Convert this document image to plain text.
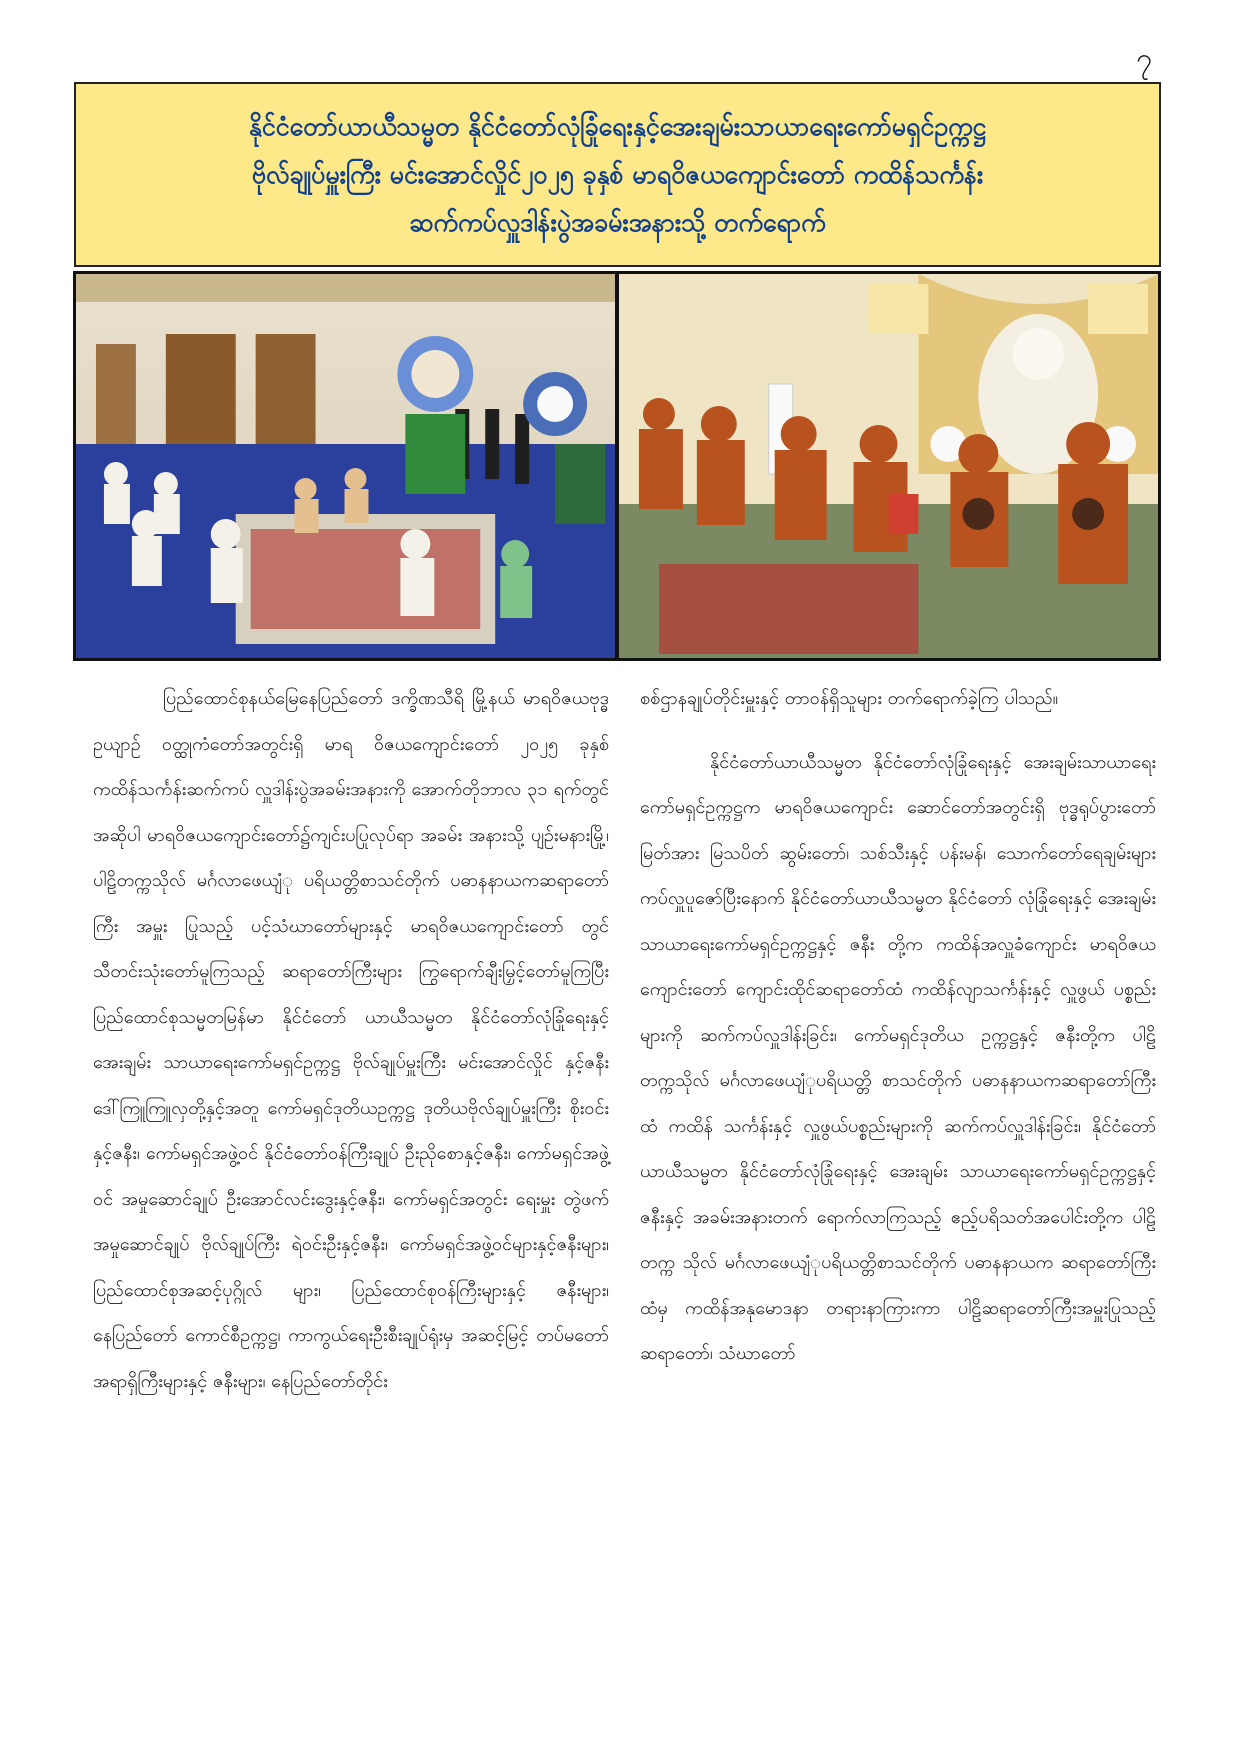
၇
နိုင်ငံတော်ယာယီသမ္မတ နိုင်ငံတော်လုံခြုံရေးနှင့်အေးချမ်းသာယာရေးကော်မရှင်ဥက္ကဋ္ဌ
ဗိုလ်ချုပ်မှူးကြီး မင်းအောင်လှိုင်၂၀၂၅ ခုနှစ် မာရဝိဇယကျောင်းတော် ကထိန်သင်္ကန်း
ဆက်ကပ်လှူဒါန်းပွဲအခမ်းအနားသို့ တက်ရောက်

ပြည်ထောင်စုနယ်မြေနေပြည်တော် ဒက္ခိဏသီရိ မြို့နယ် မာရဝိဇယဗုဒ္ဓဥယျာဉ် ဝတ္ထုကံတော်အတွင်းရှိ မာရ ဝိဇယကျောင်းတော် ၂၀၂၅ ခုနှစ် ကထိန်သင်္ကန်းဆက်ကပ် လှူဒါန်းပွဲအခမ်းအနားကို အောက်တိုဘာလ ၃၁ ရက်တွင် အဆိုပါ မာရဝိဇယကျောင်းတော်၌ကျင်းပပြုလုပ်ရာ အခမ်း အနားသို့ ပျဉ်းမနားမြို့၊ ပါဠိတက္ကသိုလ် မင်္ဂလာဖေယျံု ပရိယတ္တိစာသင်တိုက် ပဓာနနာယကဆရာတော်ကြီး အမှူး ပြုသည့် ပင့်သံဃာတော်များနှင့် မာရဝိဇယကျောင်းတော် တွင် သီတင်းသုံးတော်မူကြသည့် ဆရာတော်ကြီးများ ကြွရောက်ချီးမြှင့်တော်မူကြပြီး ပြည်ထောင်စုသမ္မတမြန်မာ နိုင်ငံတော် ယာယီသမ္မတ နိုင်ငံတော်လုံခြုံရေးနှင့်အေးချမ်း သာယာရေးကော်မရှင်ဥက္ကဋ္ဌ ဗိုလ်ချုပ်မှူးကြီး မင်းအောင်လှိုင် နှင့်ဇနီး ဒေါ်ကြူကြူလှတို့နှင့်အတူ ကော်မရှင်ဒုတိယဥက္ကဋ္ဌ ဒုတိယဗိုလ်ချုပ်မှူးကြီး စိုးဝင်းနှင့်ဇနီး၊ ကော်မရှင်အဖွဲ့ဝင် နိုင်ငံတော်ဝန်ကြီးချုပ် ဦးညိုစောနှင့်ဇနီး၊ ကော်မရှင်အဖွဲ့ဝင် အမှုဆောင်ချုပ် ဦးအောင်လင်းဒွေးနှင့်ဇနီး၊ ကော်မရှင်အတွင်း ရေးမှူး တွဲဖက်အမှုဆောင်ချုပ် ဗိုလ်ချုပ်ကြီး ရဲဝင်းဦးနှင့်ဇနီး၊ ကော်မရှင်အဖွဲ့ဝင်များနှင့်ဇနီးများ၊ ပြည်ထောင်စုအဆင့်ပုဂ္ဂိုလ် များ၊ ပြည်ထောင်စုဝန်ကြီးများနှင့် ဇနီးများ၊ နေပြည်တော် ကောင်စီဥက္ကဋ္ဌ၊ ကာကွယ်ရေးဦးစီးချုပ်ရုံးမှ အဆင့်မြင့် တပ်မတော်အရာရှိကြီးများနှင့် ဇနီးများ၊ နေပြည်တော်တိုင်း

စစ်ဌာနချုပ်တိုင်းမှူးနှင့် တာဝန်ရှိသူများ တက်ရောက်ခဲ့ကြ ပါသည်။

နိုင်ငံတော်ယာယီသမ္မတ နိုင်ငံတော်လုံခြုံရေးနှင့် အေးချမ်းသာယာရေးကော်မရှင်ဥက္ကဋ္ဌက မာရဝိဇယကျောင်း ဆောင်တော်အတွင်းရှိ ဗုဒ္ဓရုပ်ပွားတော်မြတ်အား မြသပိတ် ဆွမ်းတော်၊ သစ်သီးနှင့် ပန်းမန်၊ သောက်တော်ရေချမ်းများ ကပ်လှူပူဇော်ပြီးနောက် နိုင်ငံတော်ယာယီသမ္မတ နိုင်ငံတော် လုံခြုံရေးနှင့် အေးချမ်းသာယာရေးကော်မရှင်ဥက္ကဋ္ဌနှင့် ဇနီး တို့က ကထိန်အလှူခံကျောင်း မာရဝိဇယကျောင်းတော် ကျောင်းထိုင်ဆရာတော်ထံ ကထိန်လျာသင်္ကန်းနှင့် လှူဖွယ် ပစ္စည်းများကို ဆက်ကပ်လှူဒါန်းခြင်း၊ ကော်မရှင်ဒုတိယ ဥက္ကဋ္ဌနှင့် ဇနီးတို့က ပါဠိတက္ကသိုလ် မင်္ဂလာဖေယျံုပရိယတ္တိ စာသင်တိုက် ပဓာနနာယကဆရာတော်ကြီးထံ ကထိန် သင်္ကန်းနှင့် လှူဖွယ်ပစ္စည်းများကို ဆက်ကပ်လှူဒါန်းခြင်း၊ နိုင်ငံတော်ယာယီသမ္မတ နိုင်ငံတော်လုံခြုံရေးနှင့် အေးချမ်း သာယာရေးကော်မရှင်ဥက္ကဋ္ဌနှင့်ဇနီးနှင့် အခမ်းအနားတက် ရောက်လာကြသည့် ဧည့်ပရိသတ်အပေါင်းတို့က ပါဠိတက္က သိုလ် မင်္ဂလာဖေယျံုပရိယတ္တိစာသင်တိုက် ပဓာနနာယက ဆရာတော်ကြီးထံမှ ကထိန်အနုမောဒနာ တရားနာကြားကာ ပါဠိဆရာတော်ကြီးအမှူးပြုသည့် ဆရာတော်၊ သံဃာတော်
